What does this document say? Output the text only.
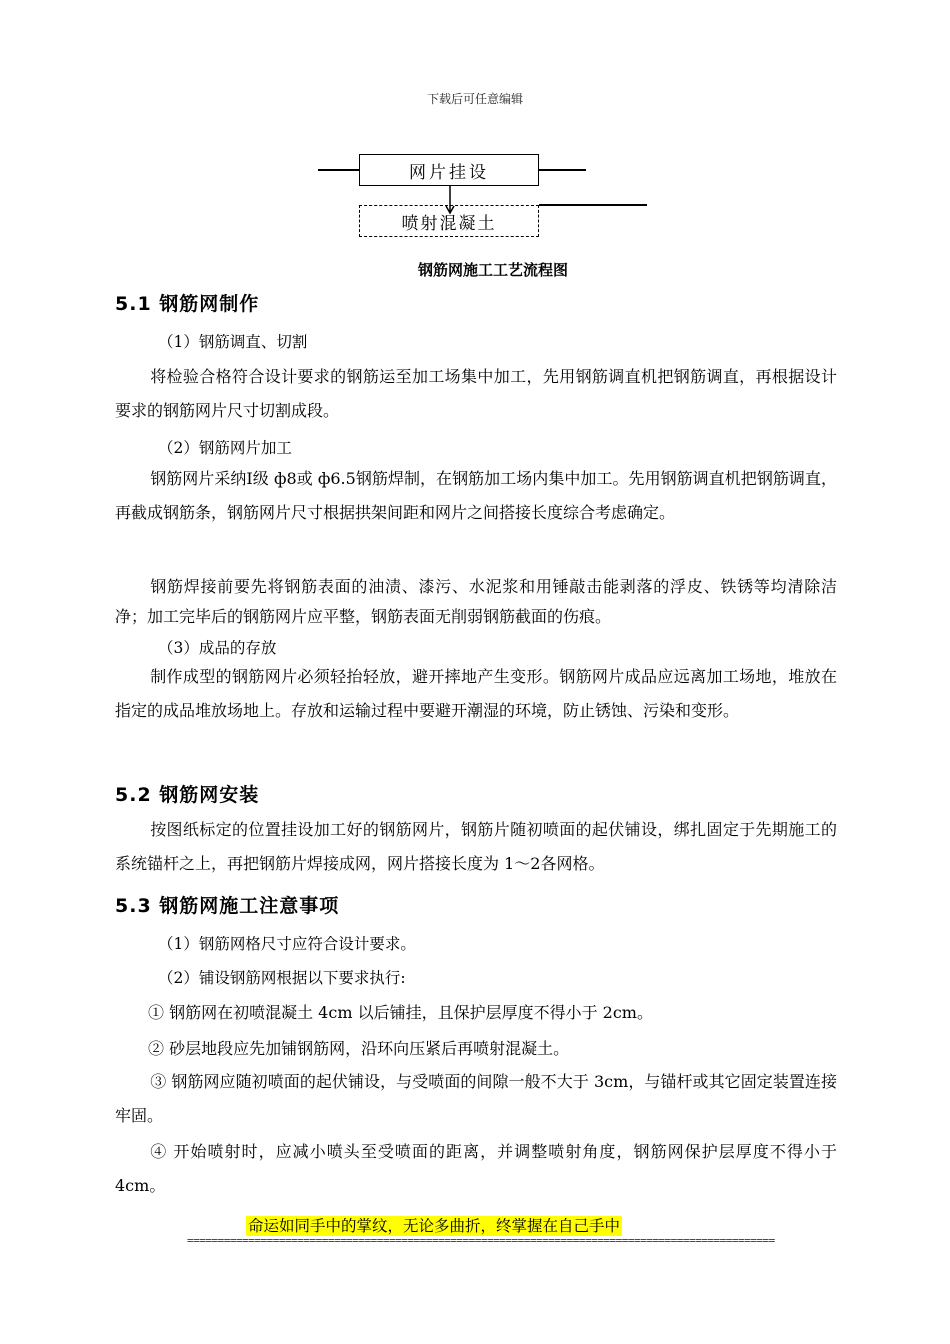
下载后可任意编辑
网片挂设
喷射混凝土
钢筋网施工工艺流程图
5.1 钢筋网制作
（1）钢筋调直、切割
将检验合格符合设计要求的钢筋运至加工场集中加工，先用钢筋调直机把钢筋调直，再根据设计要求的钢筋网片尺寸切割成段。
（2）钢筋网片加工
钢筋网片采纳Ⅰ级 ф8或 ф6.5钢筋焊制，在钢筋加工场内集中加工。先用钢筋调直机把钢筋调直，再截成钢筋条，钢筋网片尺寸根据拱架间距和网片之间搭接长度综合考虑确定。
钢筋焊接前要先将钢筋表面的油渍、漆污、水泥浆和用锤敲击能剥落的浮皮、铁锈等均清除洁净；加工完毕后的钢筋网片应平整，钢筋表面无削弱钢筋截面的伤痕。
（3）成品的存放
制作成型的钢筋网片必须轻抬轻放，避开摔地产生变形。钢筋网片成品应远离加工场地，堆放在指定的成品堆放场地上。存放和运输过程中要避开潮湿的环境，防止锈蚀、污染和变形。
5.2 钢筋网安装
按图纸标定的位置挂设加工好的钢筋网片，钢筋片随初喷面的起伏铺设，绑扎固定于先期施工的系统锚杆之上，再把钢筋片焊接成网，网片搭接长度为 1～2各网格。
5.3 钢筋网施工注意事项
（1）钢筋网格尺寸应符合设计要求。
（2）铺设钢筋网根据以下要求执行:
① 钢筋网在初喷混凝土 4cm 以后铺挂，且保护层厚度不得小于 2cm。
② 砂层地段应先加铺钢筋网，沿环向压紧后再喷射混凝土。
③ 钢筋网应随初喷面的起伏铺设，与受喷面的间隙一般不大于 3cm，与锚杆或其它固定装置连接牢固。
④ 开始喷射时，应减小喷头至受喷面的距离，并调整喷射角度，钢筋网保护层厚度不得小于 4cm。
命运如同手中的掌纹，无论多曲折，终掌握在自己手中
================================================================================================
